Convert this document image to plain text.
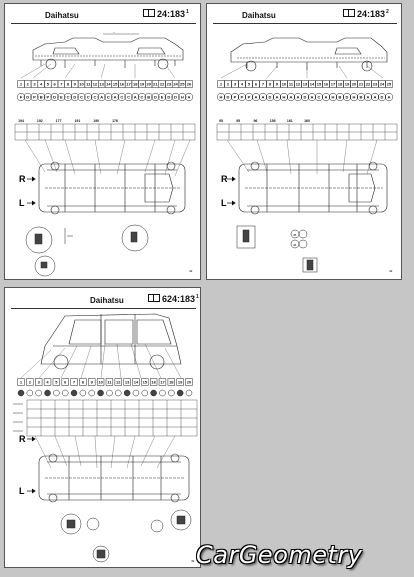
Daihatsu	$24:183^1$
~
1 2 3 4 5 6 7 8 9 10 11 12 13 14 15 16 17 18 19 20 21 22 23 24 25 26
F D P B P D E C D C C C A C A C C A C B D E D D H A
194	192	177	191	190	176
R
L
49
Daihatsu	$24:183^2$
1 2 3 4 5 6 7 8 9 10 11 12 13 14 15 16 17 18 19 20 21 22 23 24 25
H D P P P A A D A H A A D A C A H B D H B A A D A
95	95	96	156	161	160
R
L
45
46
49
Daihatsu	$624:183^1$
1 2 3 4 5 6 7 8 9 10 11 12 13 14 15 16 17 18 19 20
R
L
49 CarGeometry
